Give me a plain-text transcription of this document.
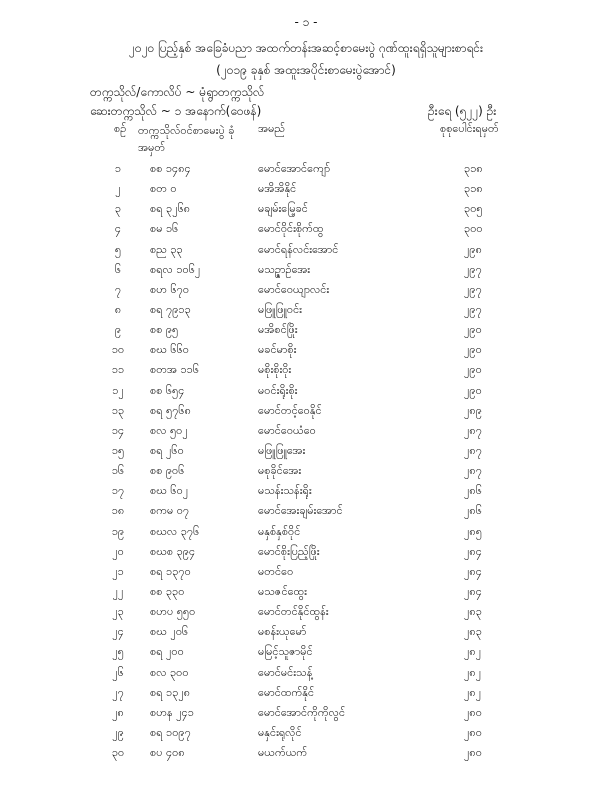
- ၁ -
၂၀၂၀ ပြည့်နှစ် အခြေခံပညာ အထက်တန်းအဆင့်စာမေးပွဲ ဂုဏ်ထူးရရှိသူများစာရင်း
(၂၀၁၉ ခုနှစ် အထူးအပိုင်းစာမေးပွဲအောင်)
တက္ကသိုလ်/ကောလိပ် ~ မုံရွာတက္ကသိုလ်
ဆေးတက္ကသိုလ် ~ ၁ အနောက်(ဝေဖန်)	ဦးရေ (၅၂၂) ဦး
စဉ် တက္ကသိုလ်ဝင်စာမေးပွဲ ခုံအမှတ်
အမည်	စုစုပေါင်းရမှတ်
၁	စစ ၁၄၈၄	မောင်အောင်ကျော်	၃၁၈
၂	စတ ၀	မအိအိနိုင်	၃၁၈
၃	စရ ၃၂၆၈	မချမ်းမြေ့ခင်	၃၀၅
၄	စမ ၁၆	မောင်ဝိုင်းစိုက်ထွ	၃၀၀
၅	စည ၃၃	မောင်ရန်လင်းအောင်	၂၉၈
၆	စရလ ၁၀၆၂	မသဉ္ဇာဉ်အေး	၂၉၇
၇	စဟ ၆၇၀	မောင်ဝေယျာလင်း	၂၉၇
၈	စရ ၇၉၁၃	မဖြူဖြူဝင်း	၂၉၇
၉	စစ ၉၅	မအိစင်ဖြိုး	၂၉၀
၁၀	စဃ ၆၆၀	မခင်မာစိုး	၂၉၀
၁၁	စတအ ၁၁၆	မစိုးစိုးဝိုး	၂၉၀
၁၂	စစ ၆၅၄	မဝင်းရိုးစိုး	၂၉၀
၁၃	စရ ၅၇၆၈	မောင်တင့်ဝေနိုင်	၂၈၉
၁၄	စလ ၅၀၂	မောင်ဝေယံဝေ	၂၈၇
၁၅	စရ ၂၆၀	မဖြူဖြူအေး	၂၈၇
၁၆	စစ ၉၀၆	မစုခိုင်အေး	၂၈၇
၁၇	စဃ ၆၀၂	မသန်းသန်းရိုး	၂၈၆
၁၈	စကမ ၀၇	မောင်အေးချမ်းအောင်	၂၈၆
၁၉	စဃလ ၃၇၆	မနှစ်နှစ်ဝိုင်	၂၈၅
၂၀	စဃစ ၃၉၄	မောင်စိုးပြည့်ဖြိုး	၂၈၄
၂၁	စရ ၁၃၇၀	မတင်ဝေ	၂၈၄
၂၂	စစ ၃၃၀	မသဇင်ထွေး	၂၈၄
၂၃	စဟပ ၅၅၀	မောင်တင်နိုင်ထွန်း	၂၈၃
၂၄	စဃ ၂၀၆	မစန်းယုမော်	၂၈၃
၂၅	စရ ၂၀၀	မမြင့်သူဇာမိုင်	၂၈၂
၂၆	စလ ၃၀၀	မောင်မင်းသန့်	၂၈၂
၂၇	စရ ၁၃၂၈	မောင်ထက်နိုင်	၂၈၂
၂၈	စဟန ၂၄၁	မောင်အောင်ကိုကိုလွင်	၂၈၀
၂၉	စရ ၁၀၉၇	မနှင်းရုလိုင်	၂၈၀
၃၀	စပ ၄၀၈	မယက်ယက်	၂၈၀
